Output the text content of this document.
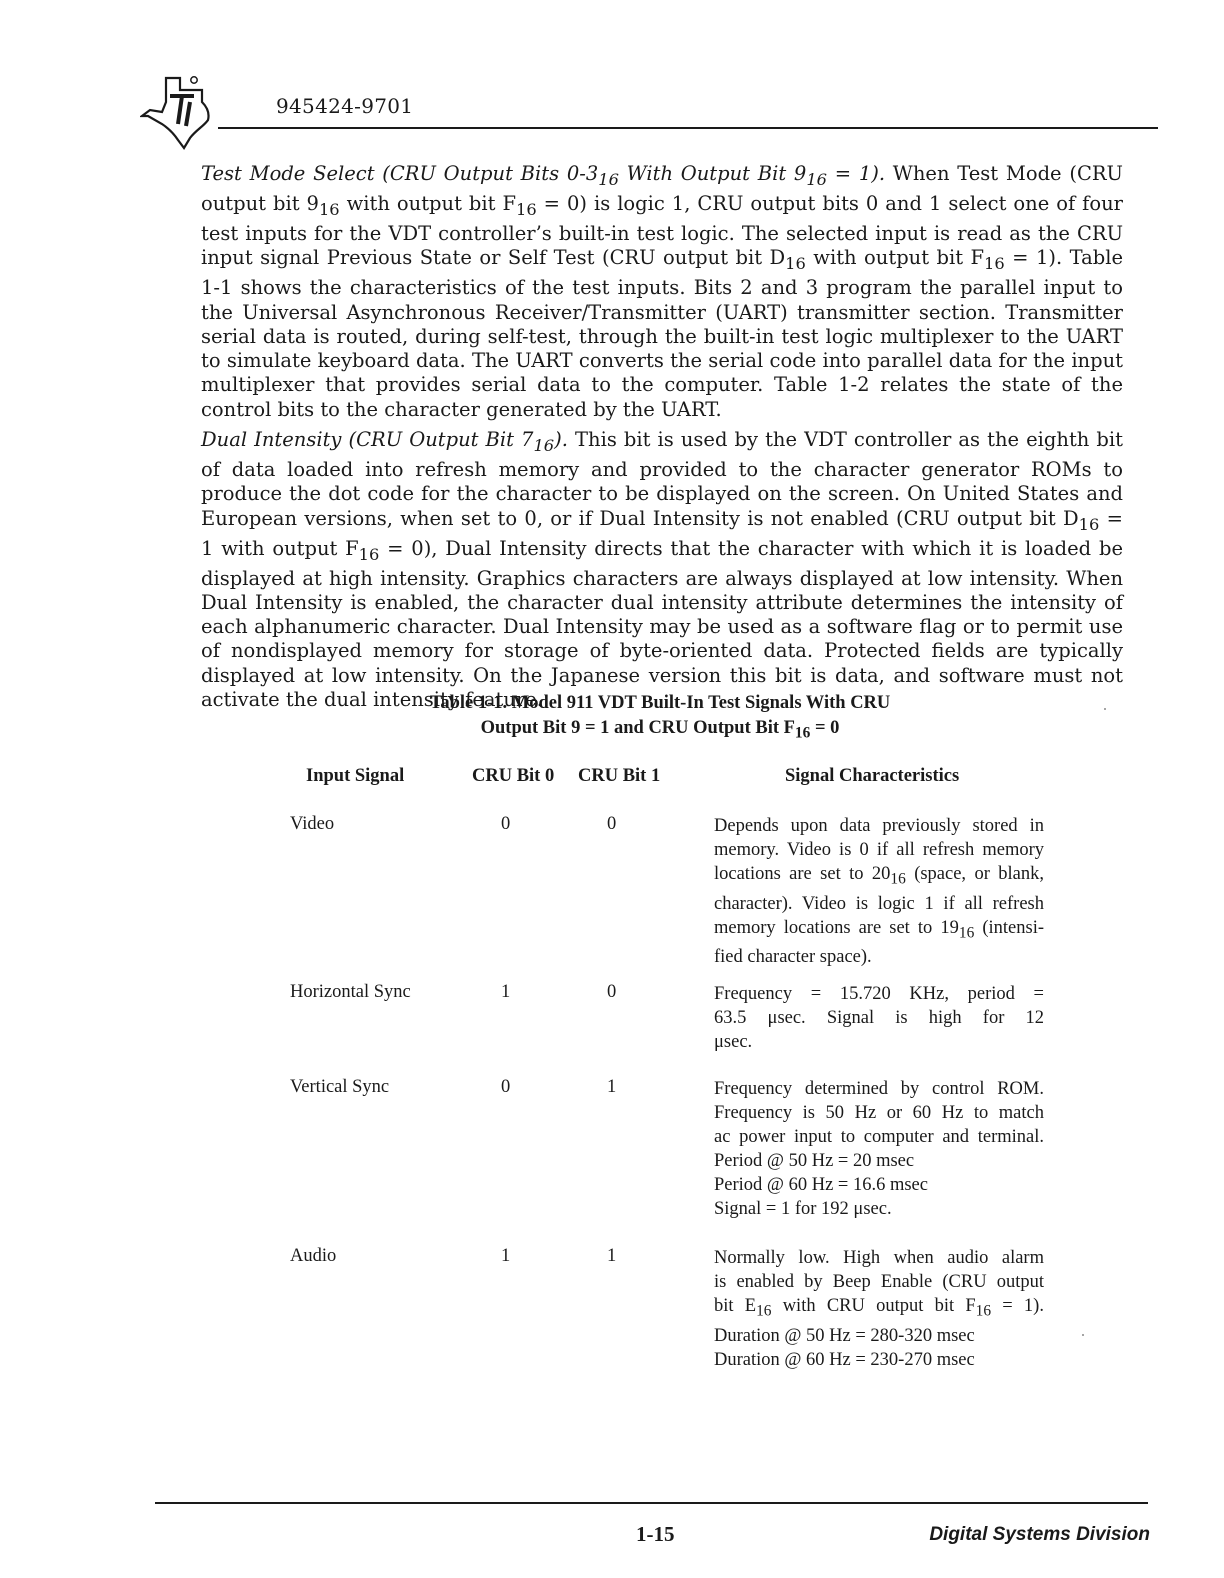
945424-9701
Test Mode Select (CRU Output Bits $0-3_{16}$ With Output Bit $9_{16} = 1$). When Test Mode (CRU output bit $9_{16}$ with output bit $F_{16} = 0$) is logic 1, CRU output bits 0 and 1 select one of four test inputs for the VDT controller’s built-in test logic. The selected input is read as the CRU input signal Previous State or Self Test (CRU output bit $D_{16}$ with output bit $F_{16} = 1$). Table 1-1 shows the characteristics of the test inputs. Bits 2 and 3 program the parallel input to the Universal Asynchronous Receiver/Transmitter (UART) transmitter section. Transmitter serial data is routed, during self-test, through the built-in test logic multiplexer to the UART to simulate keyboard data. The UART converts the serial code into parallel data for the input multiplexer that provides serial data to the computer. Table 1-2 relates the state of the control bits to the character generated by the UART.
Dual Intensity (CRU Output Bit $7_{16}$). This bit is used by the VDT controller as the eighth bit of data loaded into refresh memory and provided to the character generator ROMs to produce the dot code for the character to be displayed on the screen. On United States and European versions, when set to 0, or if Dual Intensity is not enabled (CRU output bit $D_{16} = 1$ with output $F_{16} = 0$), Dual Intensity directs that the character with which it is loaded be displayed at high intensity. Graphics characters are always displayed at low intensity. When Dual Intensity is enabled, the character dual intensity attribute determines the intensity of each alphanumeric character. Dual Intensity may be used as a software flag or to permit use of nondisplayed memory for storage of byte-oriented data. Protected fields are typically displayed at low intensity. On the Japanese version this bit is data, and software must not activate the dual intensity feature.
Table 1-1. Model 911 VDT Built-In Test Signals With CRU
Output Bit 9 = 1 and CRU Output Bit $F_{16} = 0$
Input Signal	CRU Bit 0 CRU Bit 1	Signal Characteristics
Video	0	0	Depends upon data previously stored in
memory. Video is 0 if all refresh memory
locations are set to $20_{16}$ (space, or blank,
character). Video is logic 1 if all refresh
memory locations are set to $19_{16}$ (intensi-
fied character space).
Horizontal Sync	1	0	Frequency = 15.720 KHz, period =
63.5 μsec. Signal is high for 12
μsec.
Vertical Sync	0	1	Frequency determined by control ROM.
Frequency is 50 Hz or 60 Hz to match
ac power input to computer and terminal.
Period @ 50 Hz = 20 msec
Period @ 60 Hz = 16.6 msec
Signal = 1 for 192 μsec.
Audio	1	1	Normally low. High when audio alarm
is enabled by Beep Enable (CRU output
bit $E_{16}$ with CRU output bit $F_{16} = 1$).
Duration @ 50 Hz = 280-320 msec
Duration @ 60 Hz = 230-270 msec
1-15	Digital Systems Division
